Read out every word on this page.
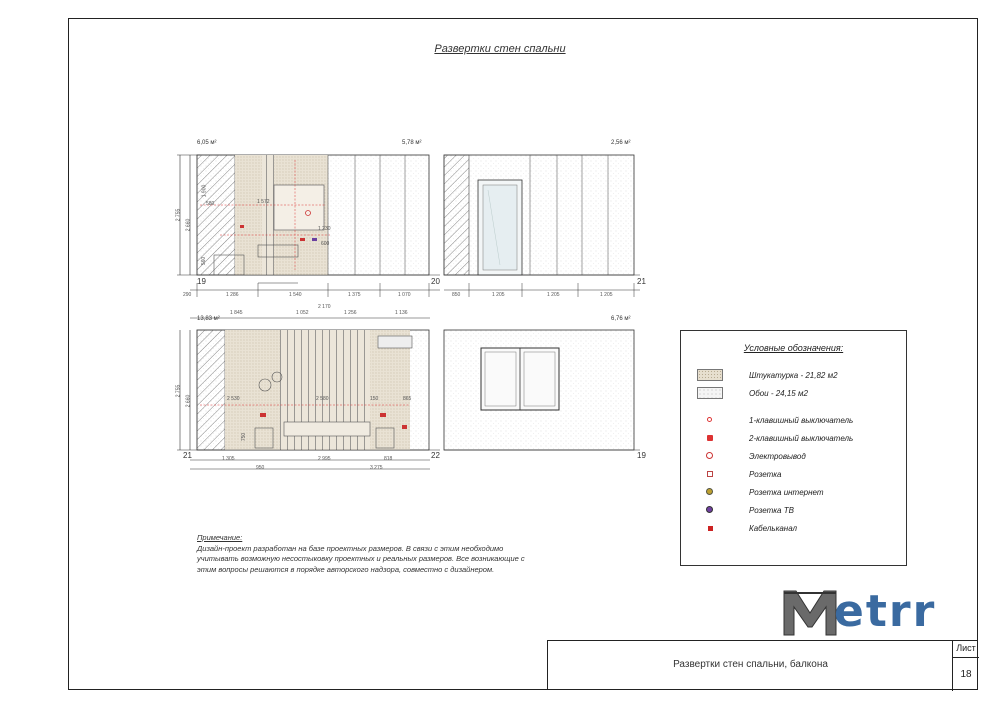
Развертки стен спальни
6,05 м²	5,78 м²	2,56 м²
13,83 м²	6,76 м²
19	20	21
21	22	19
290	1 286	1 540	1 375	1 070
2 755
2 660
1 900
560
1 572
580
1 230
600
850	1 205	1 205	1 205
1 845	1 052	1 256	1 136
2 170
2 530	2 580	865
750
150
1 305	2 995	818
950	3 275
2 755
2 660
Условные обозначения:
Штукатурка - 21,82 м2
Обои - 24,15 м2
1-клавишный выключатель
2-клавишный выключатель
Электровывод
Розетка
Розетка интернет
Розетка ТВ
Кабельканал
Примечание:
Дизайн-проект разработан на базе проектных размеров. В связи с этим необходимо учитывать возможную несостыковку проектных и реальных размеров. Все возникающие с этим вопросы решаются в порядке авторского надзора, совместно с дизайнером.
etrr
Развертки стен спальни, балкона
Лист
18
